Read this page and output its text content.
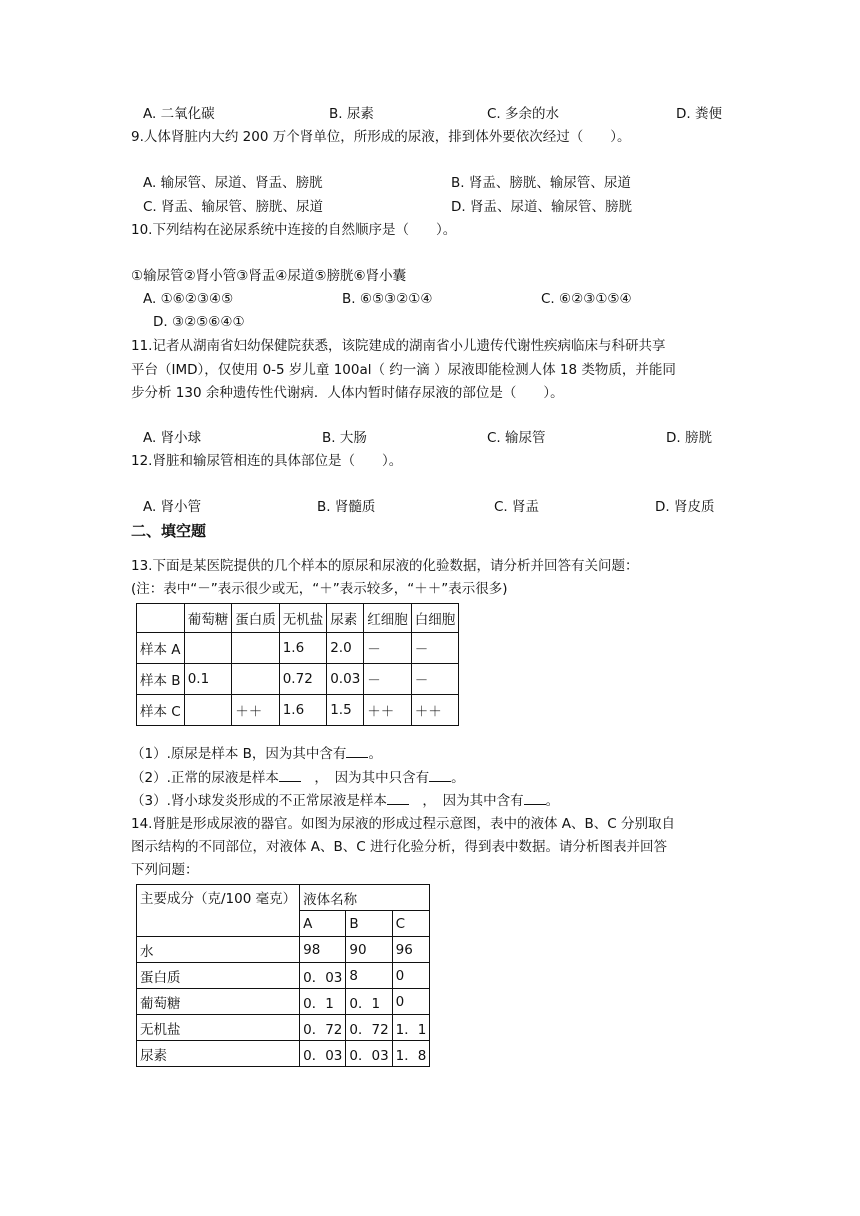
A. 二氧化碳	B. 尿素	C. 多余的水	D. 粪便
9.人体肾脏内大约 200 万个肾单位，所形成的尿液，排到体外要依次经过（　　）。
A. 输尿管、尿道、肾盂、膀胱	B. 肾盂、膀胱、输尿管、尿道
C. 肾盂、输尿管、膀胱、尿道	D. 肾盂、尿道、输尿管、膀胱
10.下列结构在泌尿系统中连接的自然顺序是（　　）。
①输尿管②肾小管③肾盂④尿道⑤膀胱⑥肾小囊
A. ①⑥②③④⑤	B. ⑥⑤③②①④	C. ⑥②③①⑤④
D. ③②⑤⑥④①
11.记者从湖南省妇幼保健院获悉，该院建成的湖南省小儿遗传代谢性疾病临床与科研共享
平台（IMD），仅使用 0-5 岁儿童 100al（ 约一滴 ）尿液即能检测人体 18 类物质，并能同
步分析 130 余种遗传性代谢病．人体内暂时储存尿液的部位是（　　）。
A. 肾小球	B. 大肠	C. 输尿管	D. 膀胱
12.肾脏和输尿管相连的具体部位是（　　）。
A. 肾小管	B. 肾髓质	C. 肾盂	D. 肾皮质
二、填空题
13.下面是某医院提供的几个样本的原尿和尿液的化验数据，请分析并回答有关问题：
(注：表中“－”表示很少或无，“＋”表示较多，“＋＋”表示很多)
	葡萄糖	蛋白质	无机盐	尿素	红细胞	白细胞
样本 A			1.6	2.0	－	－
样本 B	0.1		0.72	0.03	－	－
样本 C		＋＋	1.6	1.5	＋＋	＋＋
（1）.原尿是样本 B，因为其中含有 。
（2）.正常的尿液是样本　，　因为其中只含有 。
（3）.肾小球发炎形成的不正常尿液是样本　，　因为其中含有 。
14.肾脏是形成尿液的器官。如图为尿液的形成过程示意图，表中的液体 A、B、C 分别取自
图示结构的不同部位，对液体 A、B、C 进行化验分析，得到表中数据。请分析图表并回答
下列问题：
主要成分（克/100 毫克）	液体名称		
	A	B	C
水	98	90	96
蛋白质	0．03	8	0
葡萄糖	0．1	0．1	0
无机盐	0．72	0．72	1．1
尿素	0．03	0．03	1．8
